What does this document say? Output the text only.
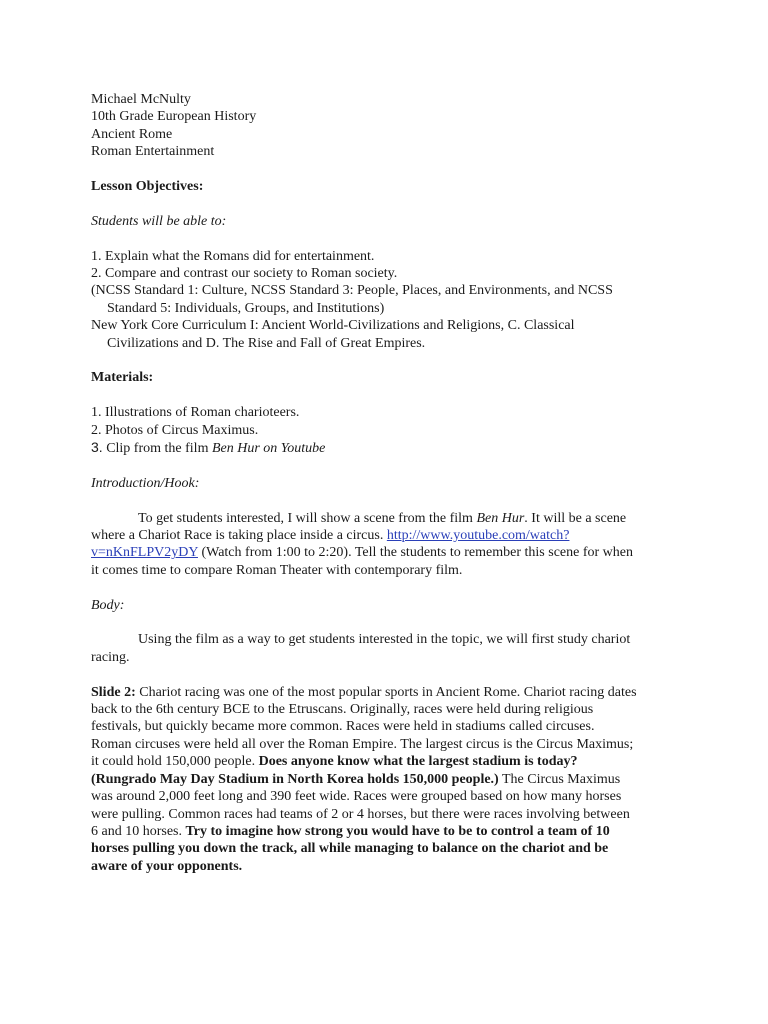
Michael McNulty
10th Grade European History
Ancient Rome
Roman Entertainment
Lesson Objectives:
Students will be able to:
1. Explain what the Romans did for entertainment.
2. Compare and contrast our society to Roman society.
(NCSS Standard 1: Culture, NCSS Standard 3: People, Places, and Environments, and NCSS
Standard 5: Individuals, Groups, and Institutions)
New York Core Curriculum I: Ancient World-Civilizations and Religions, C. Classical
Civilizations and D. The Rise and Fall of Great Empires.
Materials:
1. Illustrations of Roman charioteers.
2. Photos of Circus Maximus.
3. Clip from the film Ben Hur on Youtube
Introduction/Hook:
To get students interested, I will show a scene from the film Ben Hur. It will be a scene
where a Chariot Race is taking place inside a circus. http://www.youtube.com/watch?
v=nKnFLPV2yDY (Watch from 1:00 to 2:20). Tell the students to remember this scene for when
it comes time to compare Roman Theater with contemporary film.
Body:
Using the film as a way to get students interested in the topic, we will first study chariot
racing.
Slide 2: Chariot racing was one of the most popular sports in Ancient Rome. Chariot racing dates
back to the 6th century BCE to the Etruscans. Originally, races were held during religious
festivals, but quickly became more common. Races were held in stadiums called circuses.
Roman circuses were held all over the Roman Empire. The largest circus is the Circus Maximus;
it could hold 150,000 people. Does anyone know what the largest stadium is today?
(Rungrado May Day Stadium in North Korea holds 150,000 people.) The Circus Maximus
was around 2,000 feet long and 390 feet wide. Races were grouped based on how many horses
were pulling. Common races had teams of 2 or 4 horses, but there were races involving between
6 and 10 horses. Try to imagine how strong you would have to be to control a team of 10
horses pulling you down the track, all while managing to balance on the chariot and be
aware of your opponents.
